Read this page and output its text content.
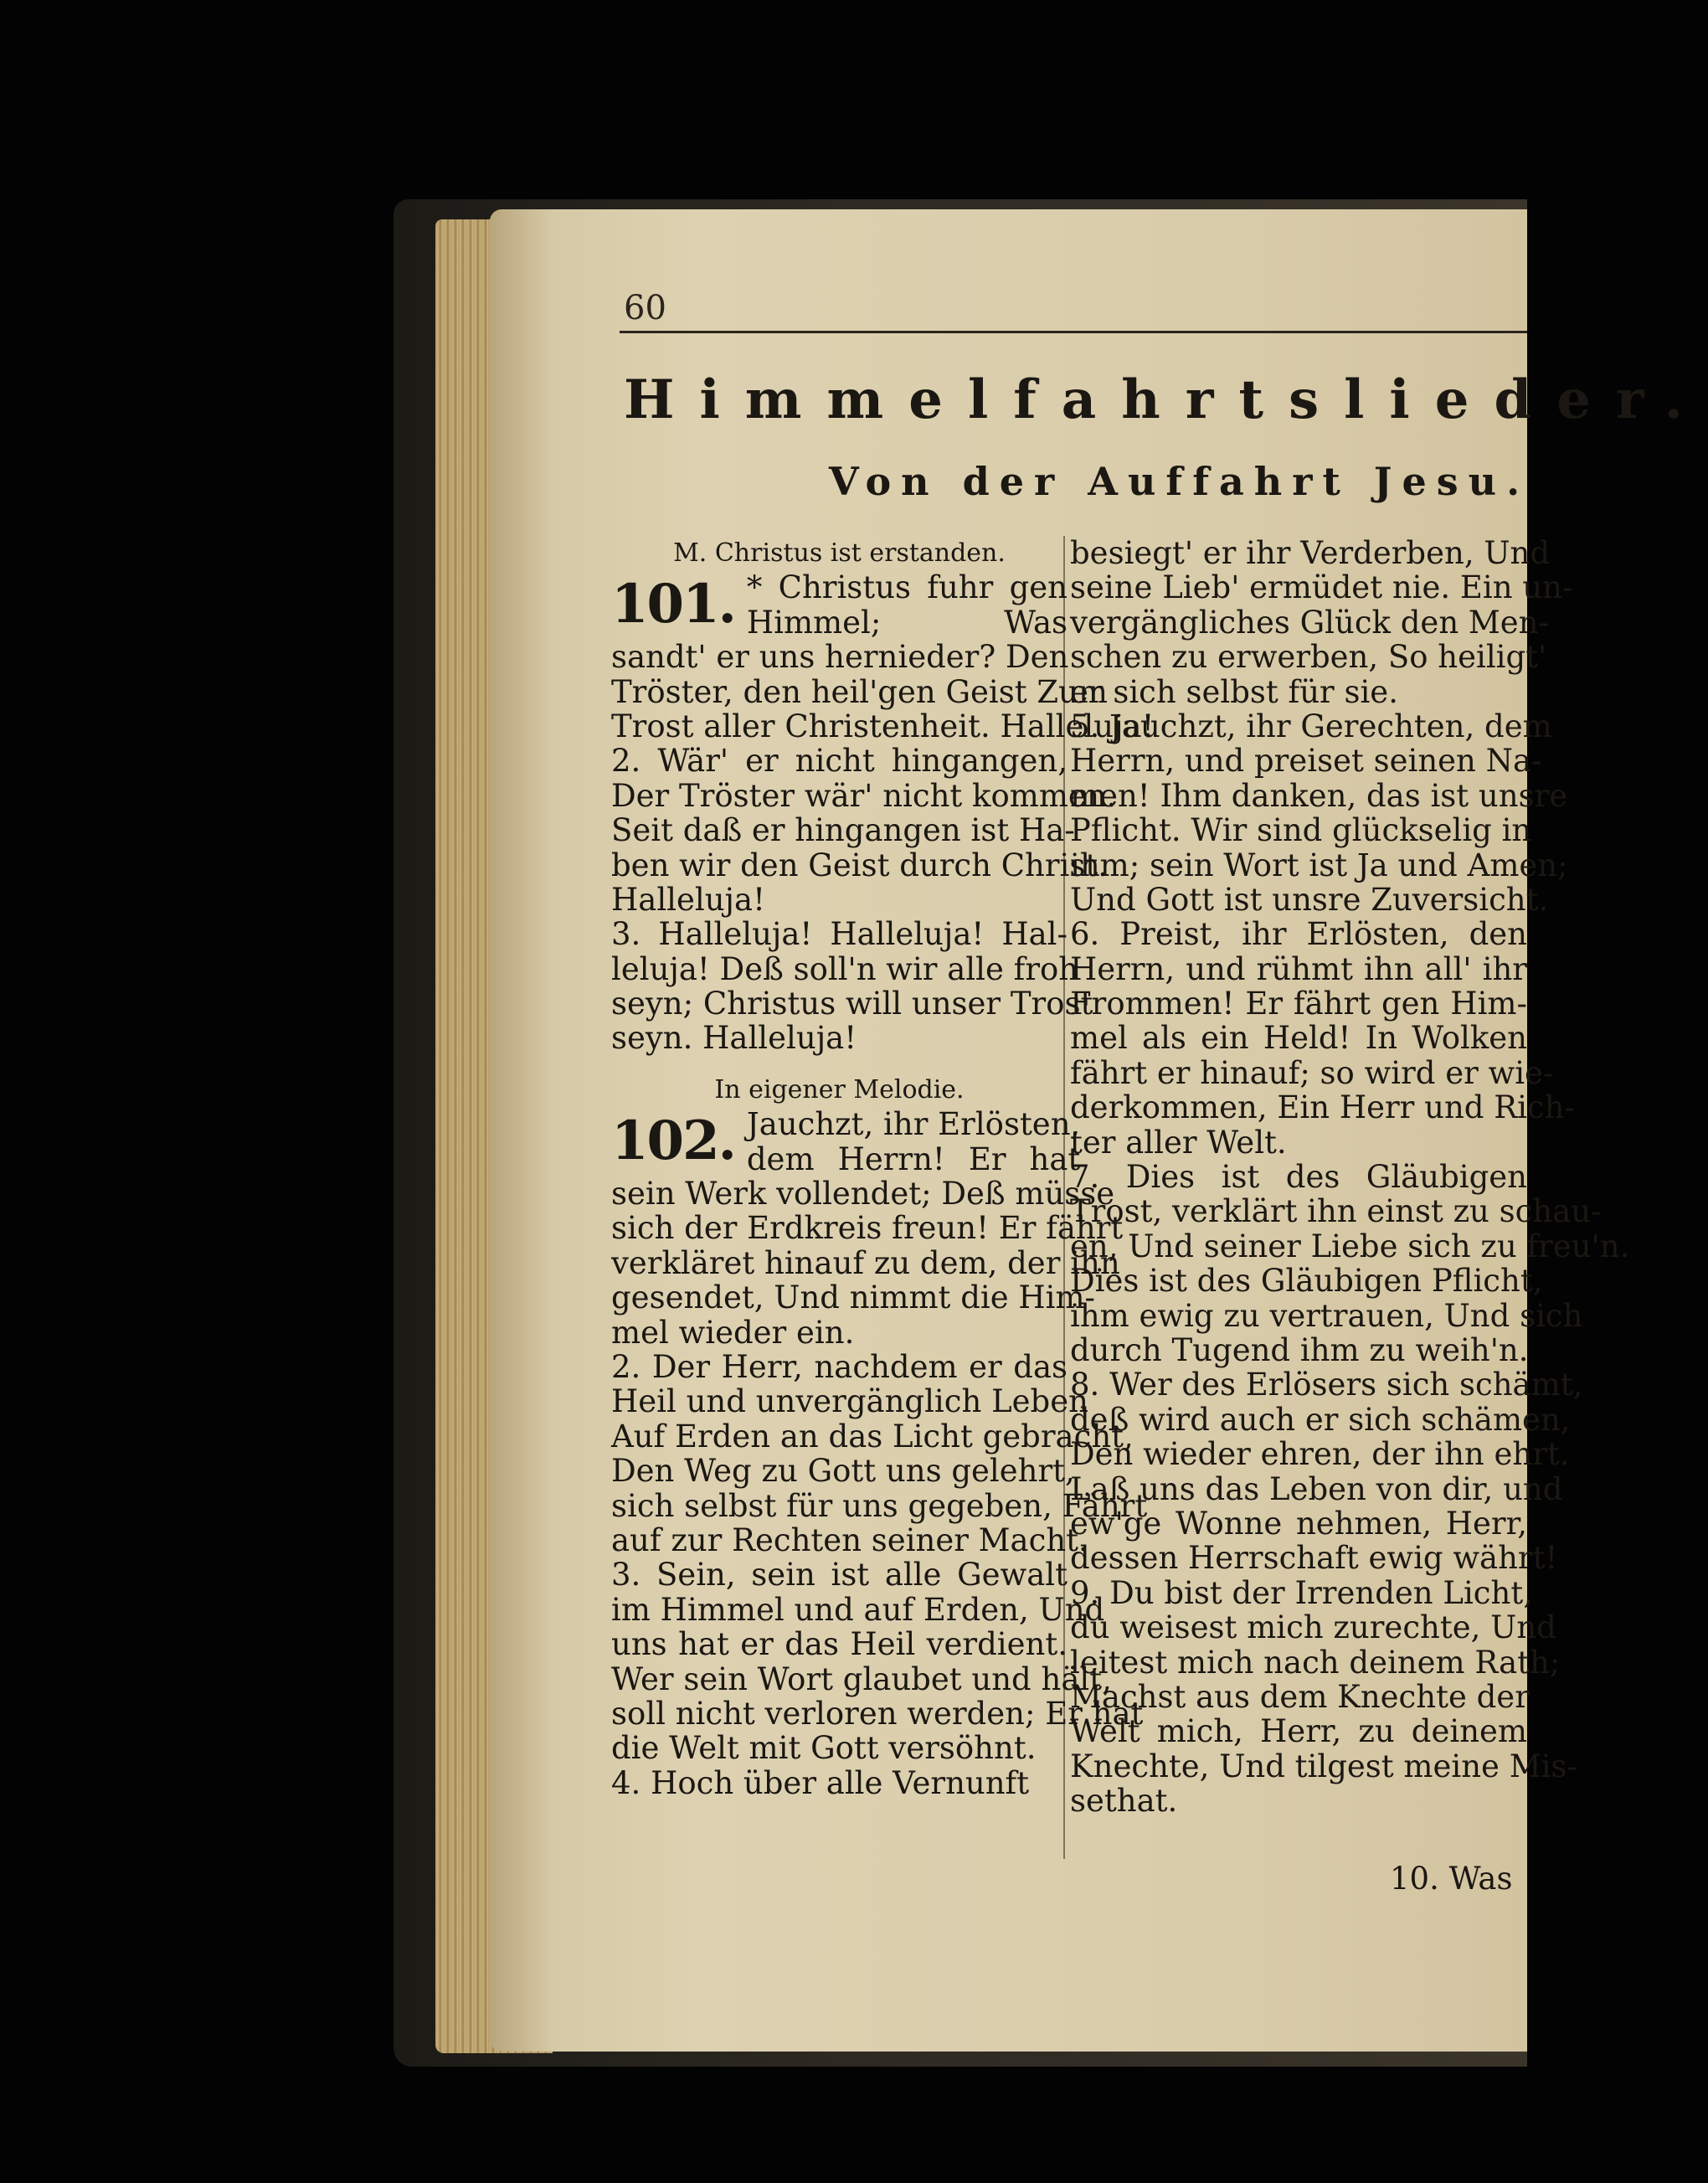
60
Himmelfahrtslieder.
Von der Auffahrt Jesu.
M. Christus ist erstanden.
101. * Christus fuhr gen
Himmel; Was
sandt' er uns hernieder? Den
Tröster, den heil'gen Geist Zum
Trost aller Christenheit. Halleluja!
2. Wär' er nicht hingangen,
Der Tröster wär' nicht kommen.
Seit daß er hingangen ist Ha-
ben wir den Geist durch Christ.
Halleluja!
3. Halleluja! Halleluja! Hal-
leluja! Deß soll'n wir alle froh
seyn; Christus will unser Trost
seyn. Halleluja!
In eigener Melodie.
102. Jauchzt, ihr Erlösten,
dem Herrn! Er hat
sein Werk vollendet; Deß müsse
sich der Erdkreis freun! Er fährt
verkläret hinauf zu dem, der ihn
gesendet, Und nimmt die Him-
mel wieder ein.
2. Der Herr, nachdem er das
Heil und unvergänglich Leben
Auf Erden an das Licht gebracht,
Den Weg zu Gott uns gelehrt,
sich selbst für uns gegeben, Fährt
auf zur Rechten seiner Macht.
3. Sein, sein ist alle Gewalt
im Himmel und auf Erden, Und
uns hat er das Heil verdient.
Wer sein Wort glaubet und hält,
soll nicht verloren werden; Er hat
die Welt mit Gott versöhnt.
4. Hoch über alle Vernunft
besiegt' er ihr Verderben, Und
seine Lieb' ermüdet nie. Ein un-
vergängliches Glück den Men-
schen zu erwerben, So heiligt'
er sich selbst für sie.
5. Jauchzt, ihr Gerechten, dem
Herrn, und preiset seinen Na-
men! Ihm danken, das ist unsre
Pflicht. Wir sind glückselig in
ihm; sein Wort ist Ja und Amen;
Und Gott ist unsre Zuversicht.
6. Preist, ihr Erlösten, den
Herrn, und rühmt ihn all' ihr
Frommen! Er fährt gen Him-
mel als ein Held! In Wolken
fährt er hinauf; so wird er wie-
derkommen, Ein Herr und Rich-
ter aller Welt.
7. Dies ist des Gläubigen
Trost, verklärt ihn einst zu schau-
en, Und seiner Liebe sich zu freu'n.
Dies ist des Gläubigen Pflicht,
ihm ewig zu vertrauen, Und sich
durch Tugend ihm zu weih'n.
8. Wer des Erlösers sich schämt,
deß wird auch er sich schämen,
Den wieder ehren, der ihn ehrt.
Laß uns das Leben von dir, und
ew'ge Wonne nehmen, Herr,
dessen Herrschaft ewig währt!
9. Du bist der Irrenden Licht,
du weisest mich zurechte, Und
leitest mich nach deinem Rath;
Machst aus dem Knechte der
Welt mich, Herr, zu deinem
Knechte, Und tilgest meine Mis-
sethat.
10. Was
